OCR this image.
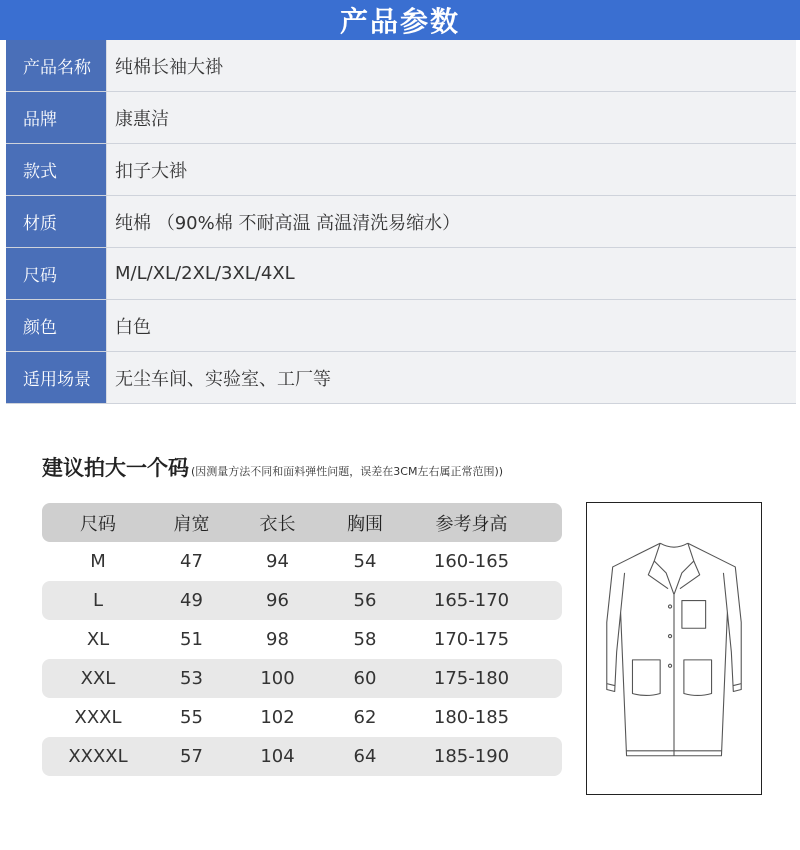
产品参数
产品名称	纯棉长袖大褂
品牌	康惠洁
款式	扣子大褂
材质	纯棉 （90%棉 不耐高温 高温清洗易缩水）
尺码	M/L/XL/2XL/3XL/4XL
颜色	白色
适用场景	无尘车间、实验室、工厂等
建议拍大一个码 (因测量方法不同和面料弹性问题，误差在3CM左右属正常范围))
尺码	肩宽	衣长	胸围	参考身高
M	47	94	54	160-165
L	49	96	56	165-170
XL	51	98	58	170-175
XXL	53	100	60	175-180
XXXL	55	102	62	180-185
XXXXL	57	104	64	185-190
